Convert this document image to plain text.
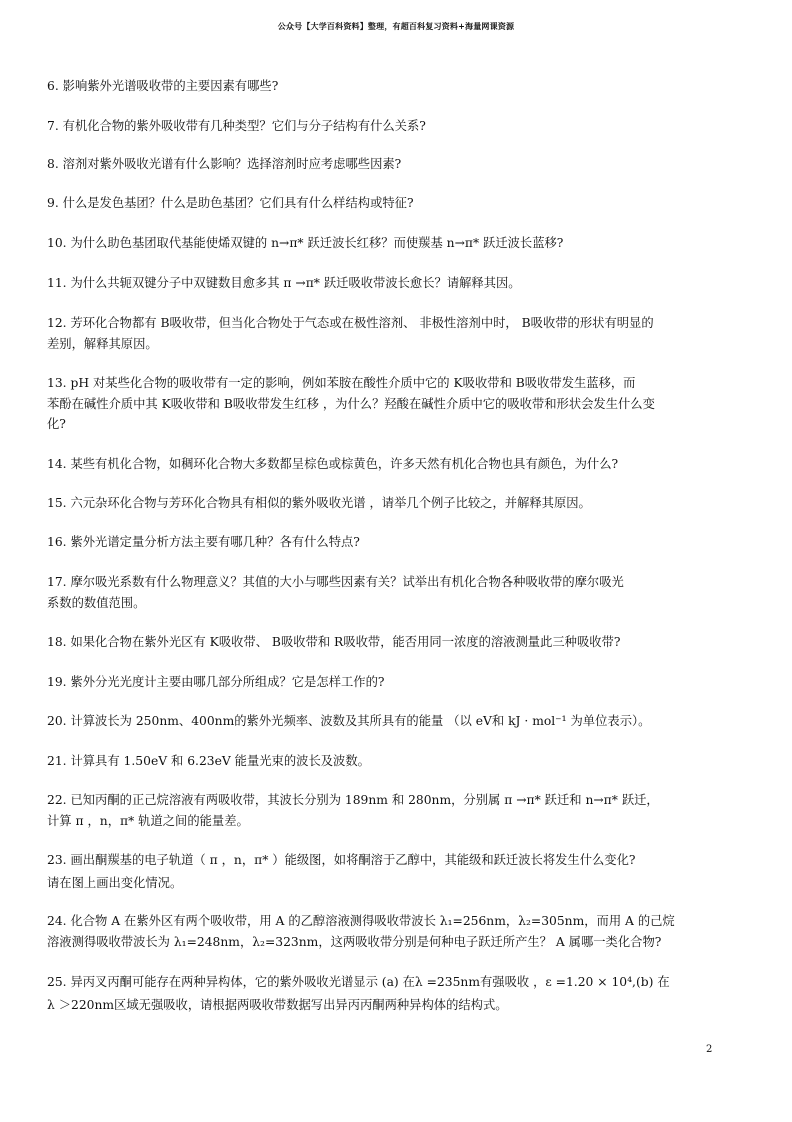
公众号【大学百科资料】整理，有超百科复习资料+海量网课资源
6. 影响紫外光谱吸收带的主要因素有哪些?
7. 有机化合物的紫外吸收带有几种类型？它们与分子结构有什么关系?
8. 溶剂对紫外吸收光谱有什么影响？选择溶剂时应考虑哪些因素?
9. 什么是发色基团？什么是助色基团？它们具有什么样结构或特征?
10. 为什么助色基团取代基能使烯双键的 n→π* 跃迁波长红移？而使羰基 n→π* 跃迁波长蓝移?
11. 为什么共轭双键分子中双键数目愈多其 π →π* 跃迁吸收带波长愈长？请解释其因。
12. 芳环化合物都有 B吸收带，但当化合物处于气态或在极性溶剂、 非极性溶剂中时， B吸收带的形状有明显的
差别，解释其原因。
13. pH 对某些化合物的吸收带有一定的影响，例如苯胺在酸性介质中它的 K吸收带和 B吸收带发生蓝移，而
苯酚在碱性介质中其 K吸收带和 B吸收带发生红移 ，为什么？羟酸在碱性介质中它的吸收带和形状会发生什么变
化?
14. 某些有机化合物，如稠环化合物大多数都呈棕色或棕黄色，许多天然有机化合物也具有颜色，为什么?
15. 六元杂环化合物与芳环化合物具有相似的紫外吸收光谱 ，请举几个例子比较之，并解释其原因。
16. 紫外光谱定量分析方法主要有哪几种？各有什么特点?
17. 摩尔吸光系数有什么物理意义？其值的大小与哪些因素有关？试举出有机化合物各种吸收带的摩尔吸光
系数的数值范围。
18. 如果化合物在紫外光区有 K吸收带、 B吸收带和 R吸收带，能否用同一浓度的溶液测量此三种吸收带?
19. 紫外分光光度计主要由哪几部分所组成？它是怎样工作的?
20. 计算波长为 250nm、400nm的紫外光频率、波数及其所具有的能量 （以 eV和 kJ · mol⁻¹ 为单位表示）。
21. 计算具有 1.50eV 和 6.23eV 能量光束的波长及波数。
22. 已知丙酮的正己烷溶液有两吸收带，其波长分别为 189nm 和 280nm，分别属 π →π* 跃迁和 n→π* 跃迁，
计算 π ，n，π* 轨道之间的能量差。
23. 画出酮羰基的电子轨道（ π ，n，π* ）能级图，如将酮溶于乙醇中，其能级和跃迁波长将发生什么变化?
请在图上画出变化情况。
24. 化合物 A 在紫外区有两个吸收带，用 A 的乙醇溶液测得吸收带波长 λ₁=256nm，λ₂=305nm，而用 A 的己烷
溶液测得吸收带波长为 λ₁=248nm，λ₂=323nm，这两吸收带分别是何种电子跃迁所产生？ A 属哪一类化合物?
25. 异丙叉丙酮可能存在两种异构体，它的紫外吸收光谱显示 (a) 在λ =235nm有强吸收 ，ε =1.20 × 10⁴,(b) 在
λ ＞220nm区域无强吸收，请根据两吸收带数据写出异丙丙酮两种异构体的结构式。
2
